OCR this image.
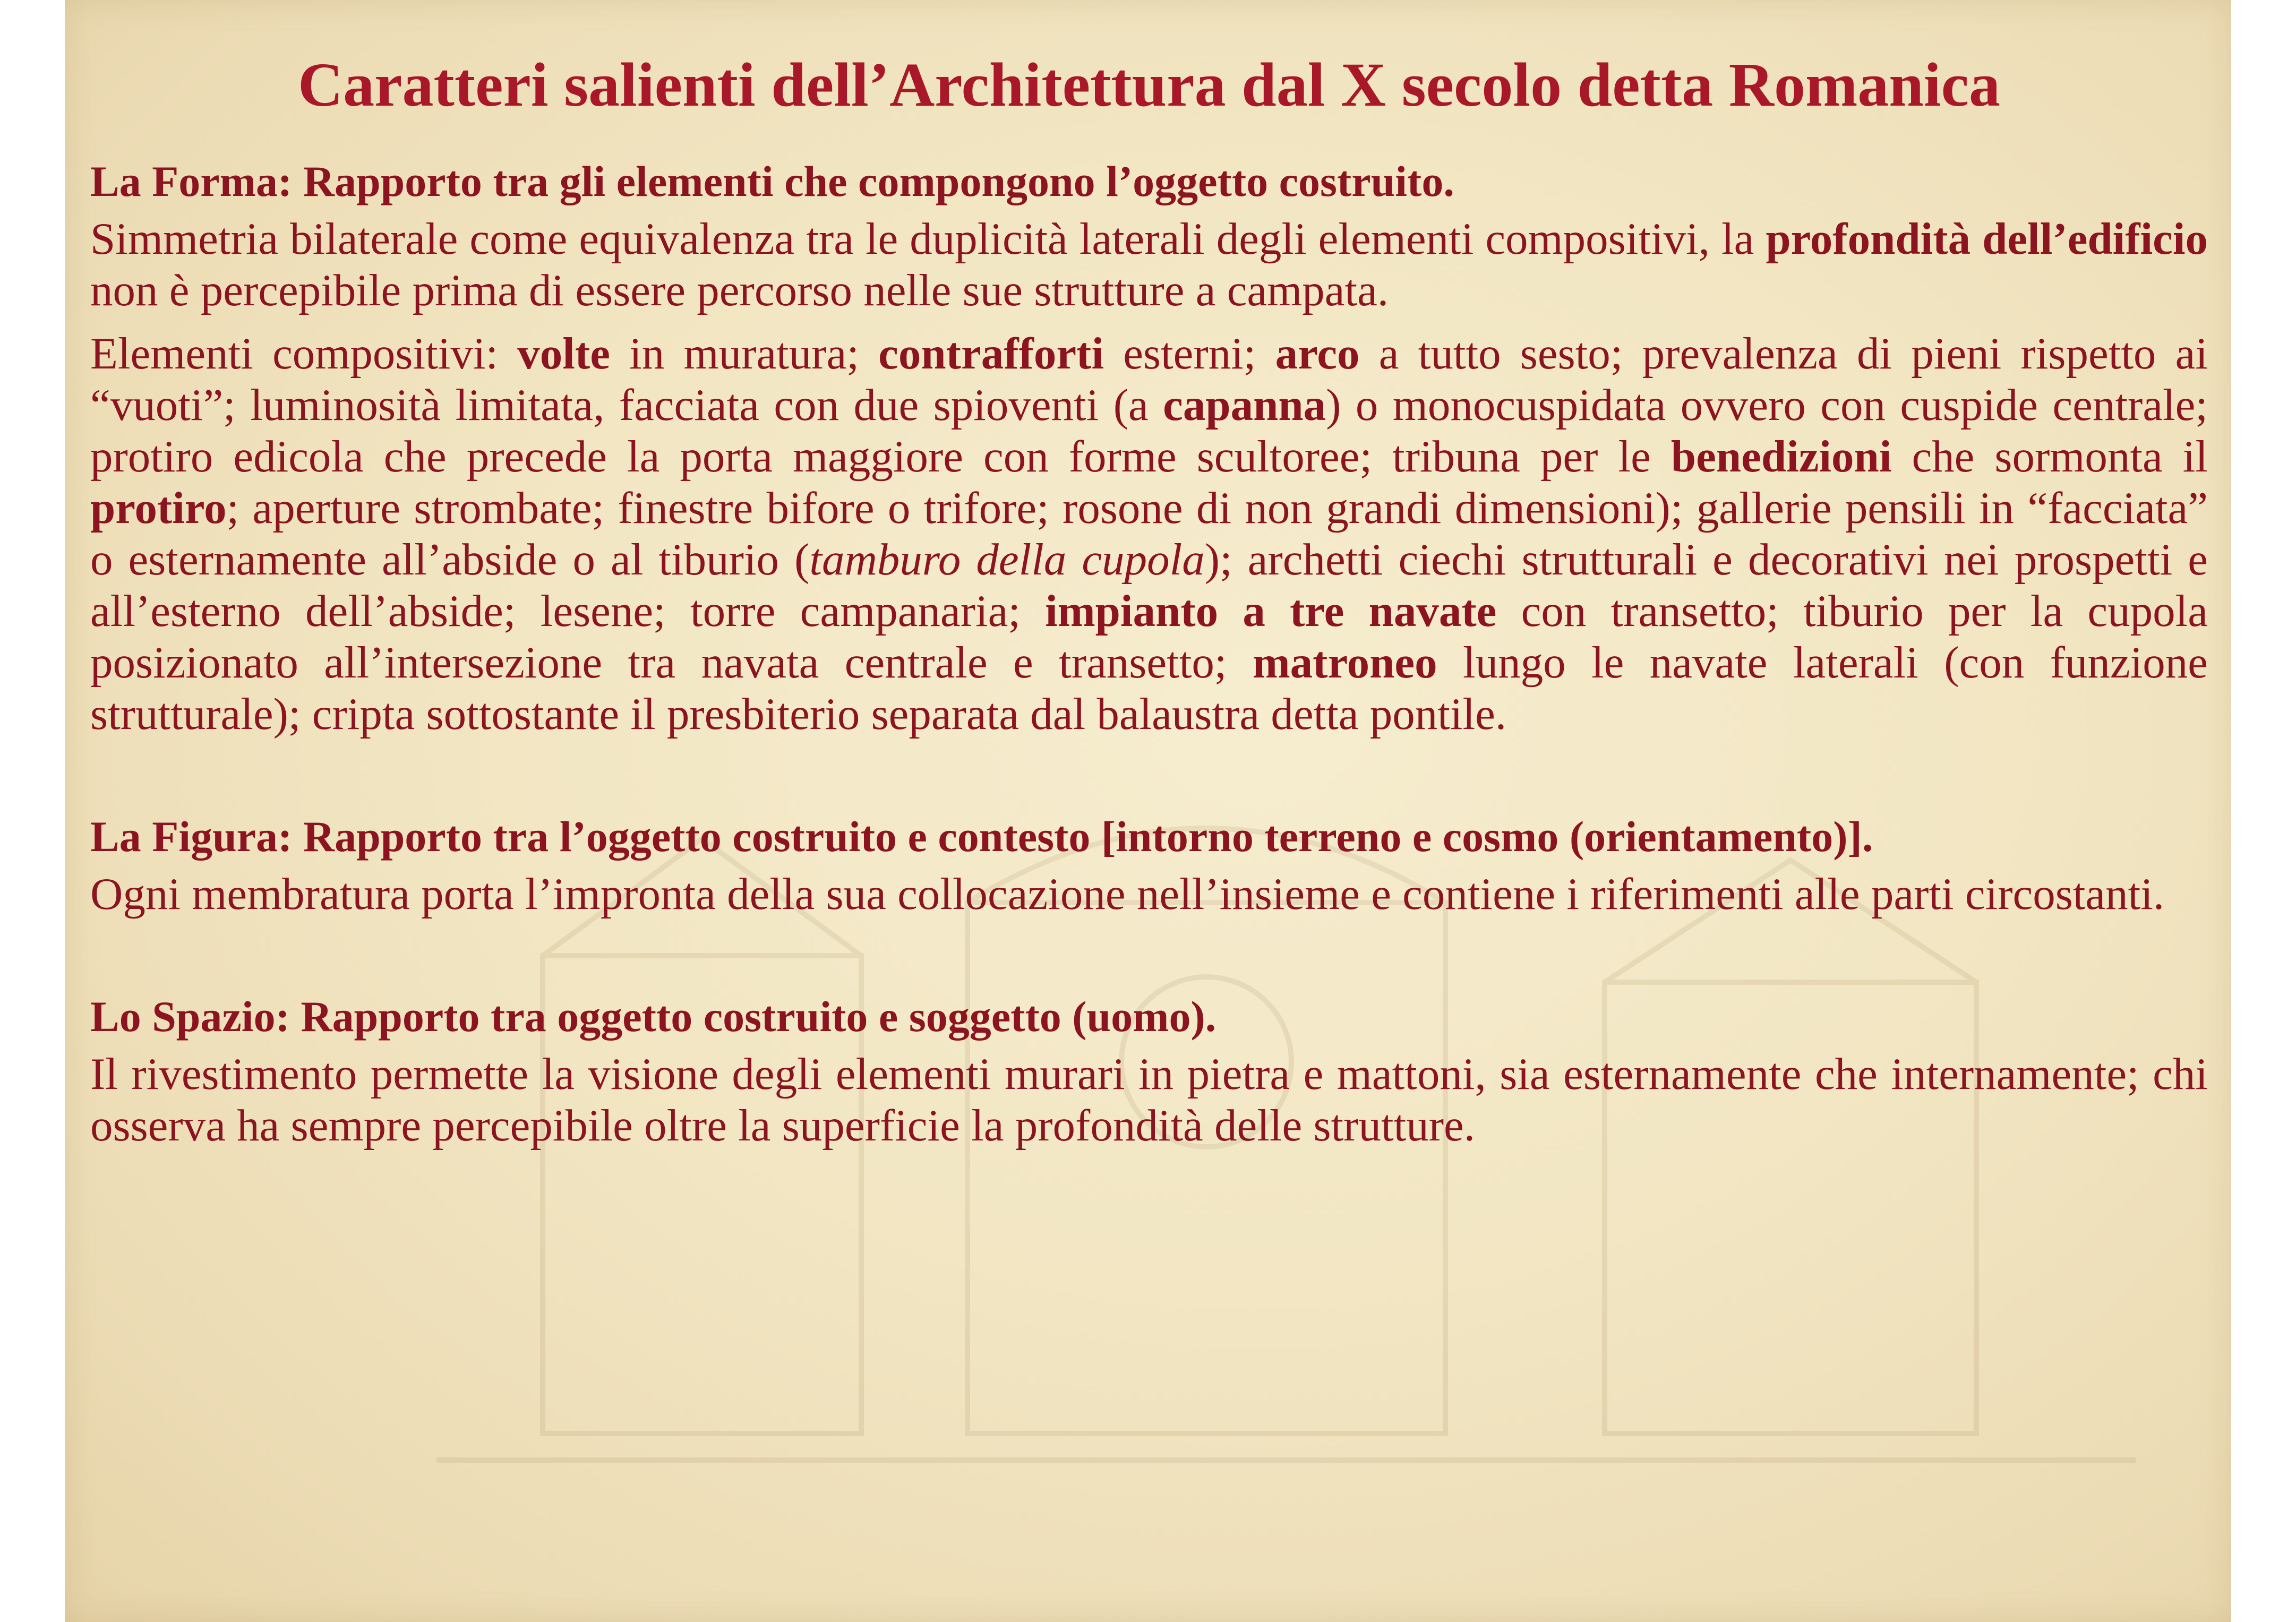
Caratteri salienti dell’Architettura dal X secolo detta Romanica
La Forma: Rapporto tra gli elementi che compongono l’oggetto costruito.
Simmetria bilaterale come equivalenza tra le duplicità laterali degli elementi compositivi, la profondità dell’edificio non è percepibile prima di essere percorso nelle sue strutture a campata.
Elementi compositivi: volte in muratura; contrafforti esterni; arco a tutto sesto; prevalenza di pieni rispetto ai “vuoti”; luminosità limitata, facciata con due spioventi (a capanna) o monocuspidata ovvero con cuspide centrale; protiro edicola che precede la porta maggiore con forme scultoree; tribuna per le benedizioni che sormonta il protiro; aperture strombate; finestre bifore o trifore; rosone di non grandi dimensioni); gallerie pensili in “facciata” o esternamente all’abside o al tiburio (tamburo della cupola); archetti ciechi strutturali e decorativi nei prospetti e all’esterno dell’abside; lesene; torre campanaria; impianto a tre navate con transetto; tiburio per la cupola posizionato all’intersezione tra navata centrale e transetto; matroneo lungo le navate laterali (con funzione strutturale); cripta sottostante il presbiterio separata dal balaustra detta pontile.
La Figura: Rapporto tra l’oggetto costruito e contesto [intorno terreno e cosmo (orientamento)].
Ogni membratura porta l’impronta della sua collocazione nell’insieme e contiene i riferimenti alle parti circostanti.
Lo Spazio: Rapporto tra oggetto costruito e soggetto (uomo).
Il rivestimento permette la visione degli elementi murari in pietra e mattoni, sia esternamente che internamente; chi osserva ha sempre percepibile oltre la superficie la profondità delle strutture.
